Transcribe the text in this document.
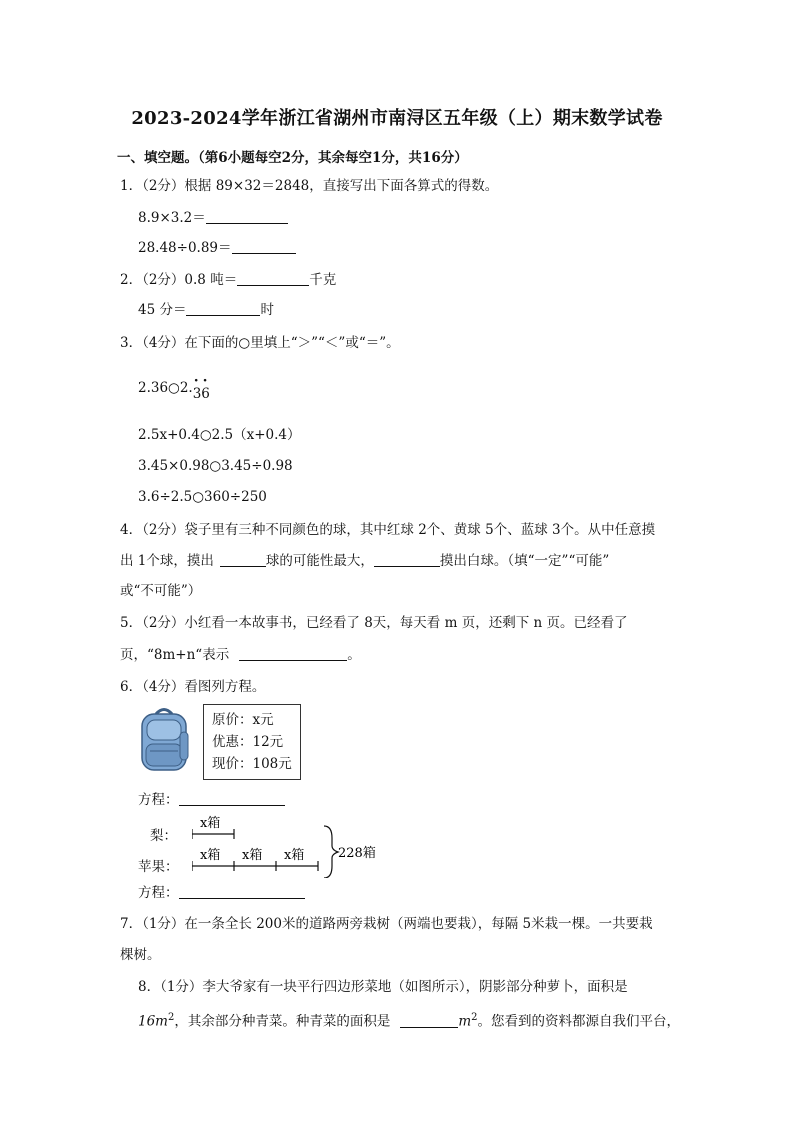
2023-2024学年浙江省湖州市南浔区五年级（上）期末数学试卷
一、填空题。（第6小题每空2分，其余每空1分，共16分）
1．（2分）根据 89×32＝2848，直接写出下面各算式的得数。
8.9×3.2＝
28.48÷0.89＝
2．（2分）0.8 吨＝	千克
45 分＝	时
3．（4分）在下面的○里填上“＞”“＜”或“＝”。
2.36○2. ··
36
2.5x+0.4○2.5（x+0.4）
3.45×0.98○3.45÷0.98
3.6÷2.5○360÷250
4．（2分）袋子里有三种不同颜色的球，其中红球 2个、黄球 5个、蓝球 3个。从中任意摸
出 1个球，摸出	球的可能性最大，	摸出白球。（填“一定”“可能”
或“不可能”）
5．（2分）小红看一本故事书，已经看了 8天，每天看 m 页，还剩下 n 页。已经看了
页，“8m+n“表示	。
6．（4分）看图列方程。
原价：x元
优惠：12元
现价：108元
方程：
梨：
苹果：
x箱
x箱 x箱 x箱	228箱
方程：
7．（1分）在一条全长 200米的道路两旁栽树（两端也要栽），每隔 5米栽一棵。一共要栽
棵树。
8．（1分）李大爷家有一块平行四边形菜地（如图所示），阴影部分种萝卜，面积是
$16m^2$，其余部分种青菜。种青菜的面积是	$m^2$。您看到的资料都源自我们平台，
